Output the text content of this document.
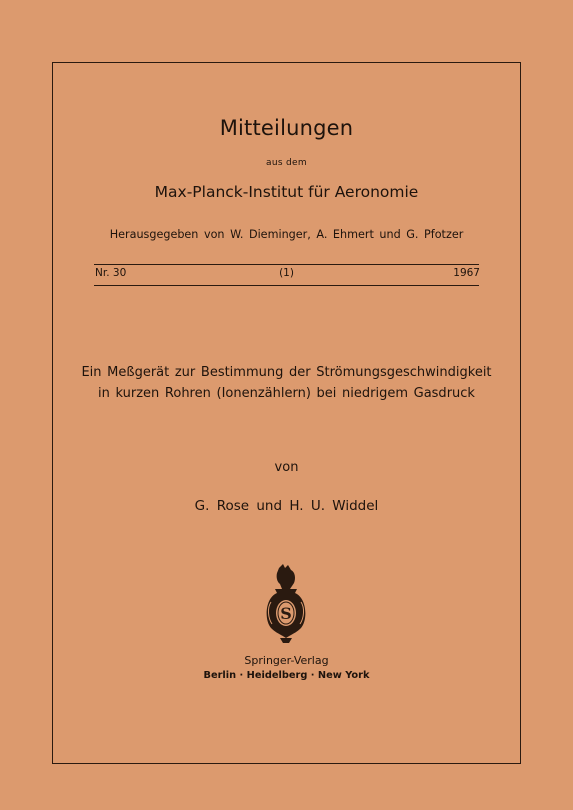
Mitteilungen
aus dem
Max-Planck-Institut für Aeronomie
Herausgegeben von W. Dieminger, A. Ehmert und G. Pfotzer
Nr. 30	(1)	1967
Ein Meßgerät zur Bestimmung der Strömungsgeschwindigkeit
in kurzen Rohren (Ionenzählern) bei niedrigem Gasdruck
von
G. Rose und H. U. Widdel
S
Springer-Verlag
Berlin · Heidelberg · New York
